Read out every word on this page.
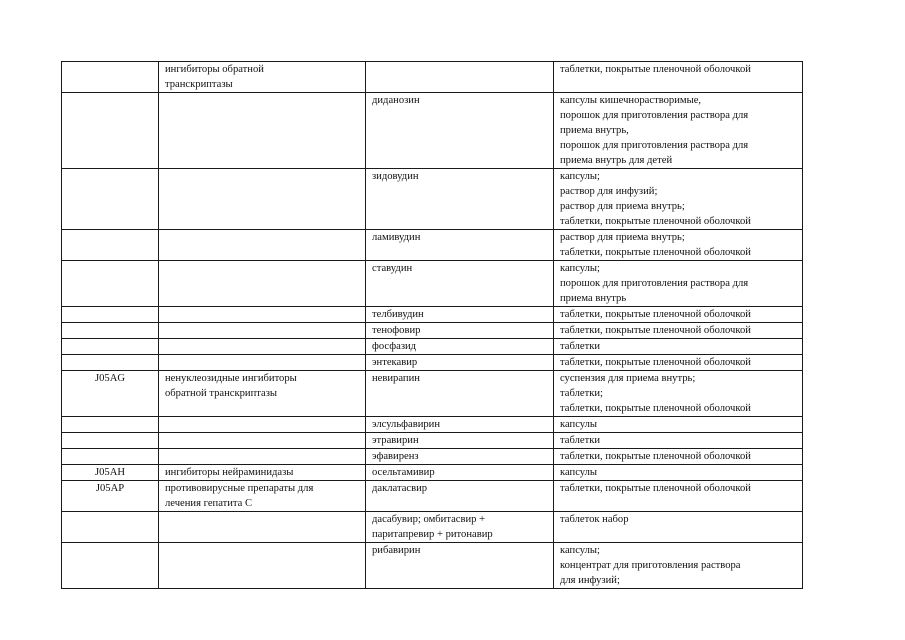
	ингибиторы обратной
транскриптазы		таблетки, покрытые пленочной оболочкой

		диданозин	капсулы кишечнорастворимые,
порошок для приготовления раствора для
приема внутрь,
порошок для приготовления раствора для
приема внутрь для детей

		зидовудин	капсулы;
раствор для инфузий;
раствор для приема внутрь;
таблетки, покрытые пленочной оболочкой

		ламивудин	раствор для приема внутрь;
таблетки, покрытые пленочной оболочкой

		ставудин	капсулы;
порошок для приготовления раствора для
приема внутрь

		телбивудин	таблетки, покрытые пленочной оболочкой

		тенофовир	таблетки, покрытые пленочной оболочкой

		фосфазид	таблетки

		энтекавир	таблетки, покрытые пленочной оболочкой

J05AG	ненуклеозидные ингибиторы
обратной транскриптазы	невирапин	суспензия для приема внутрь;
таблетки;
таблетки, покрытые пленочной оболочкой

		элсульфавирин	капсулы

		этравирин	таблетки

		эфавиренз	таблетки, покрытые пленочной оболочкой

J05AH	ингибиторы нейраминидазы	осельтамивир	капсулы

J05AP	противовирусные препараты для
лечения гепатита С	даклатасвир	таблетки, покрытые пленочной оболочкой

		дасабувир; омбитасвир +
паритапревир + ритонавир	таблеток набор

		рибавирин	капсулы;
концентрат для приготовления раствора
для инфузий;
